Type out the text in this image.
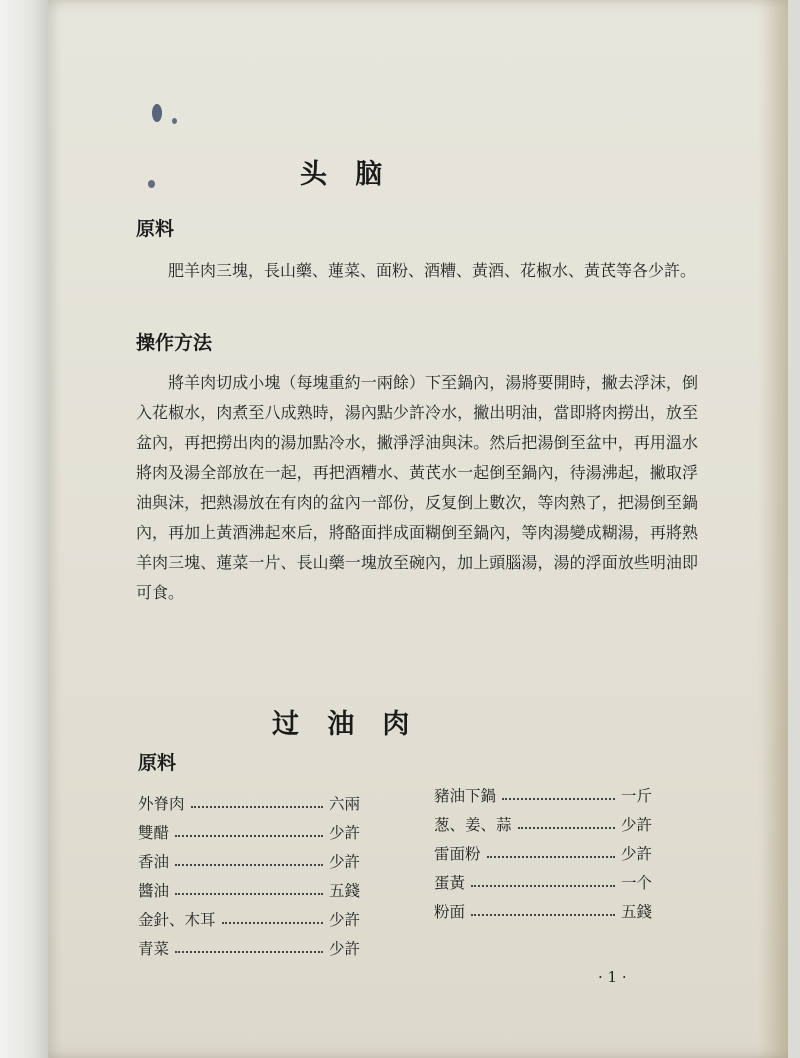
头   脑
原料
肥羊肉三塊，長山藥、蓮菜、面粉、酒糟、黃酒、花椒水、黃芪等各少許。
操作方法
將羊肉切成小塊（每塊重約一兩餘）下至鍋內，湯將要開時，撇去浮沫，倒入花椒水，肉煮至八成熟時，湯內點少許冷水，撇出明油，當即將肉撈出，放至盆內，再把撈出肉的湯加點冷水，撇淨浮油與沫。然后把湯倒至盆中，再用溫水將肉及湯全部放在一起，再把酒糟水、黃芪水一起倒至鍋內，待湯沸起，撇取浮油與沫，把熱湯放在有肉的盆內一部份，反复倒上數次，等肉熟了，把湯倒至鍋內，再加上黃酒沸起來后，將酪面拌成面糊倒至鍋內，等肉湯變成糊湯，再將熟羊肉三塊、蓮菜一片、長山藥一塊放至碗內，加上頭腦湯，湯的浮面放些明油即可食。
过   油   肉
原料
外脊肉	六兩
雙醋	少許
香油	少許
醬油	五錢
金針、木耳	少許
青菜	少許
豬油下鍋	一斤
葱、姜、蒜	少許
雷面粉	少許
蛋黃	一个
粉面	五錢
· 1 ·
